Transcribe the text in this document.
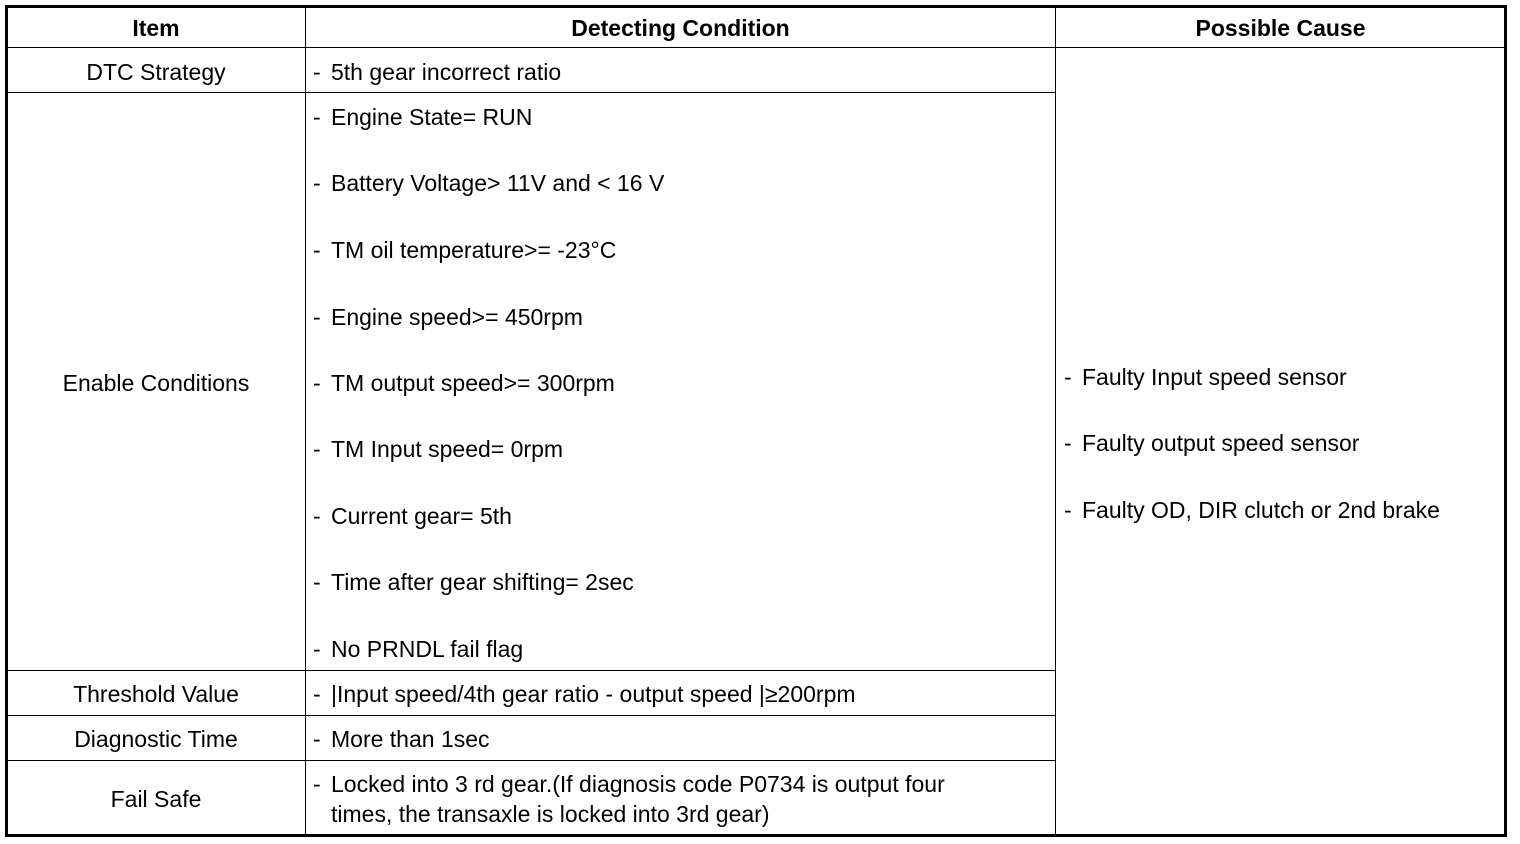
Item	Detecting Condition	Possible Cause
DTC Strategy
Enable Conditions
Threshold Value
Diagnostic Time
Fail Safe
- 5th gear incorrect ratio
- Engine State= RUN
- Battery Voltage> 11V and < 16 V
- TM oil temperature>= -23°C
- Engine speed>= 450rpm
- TM output speed>= 300rpm
- TM Input speed= 0rpm
- Current gear= 5th
- Time after gear shifting= 2sec
- No PRNDL fail flag
- |Input speed/4th gear ratio - output speed |≥200rpm
- More than 1sec
- Locked into 3 rd gear.(If diagnosis code P0734 is output four
times, the transaxle is locked into 3rd gear)
- Faulty Input speed sensor
- Faulty output speed sensor
- Faulty OD, DIR clutch or 2nd brake
